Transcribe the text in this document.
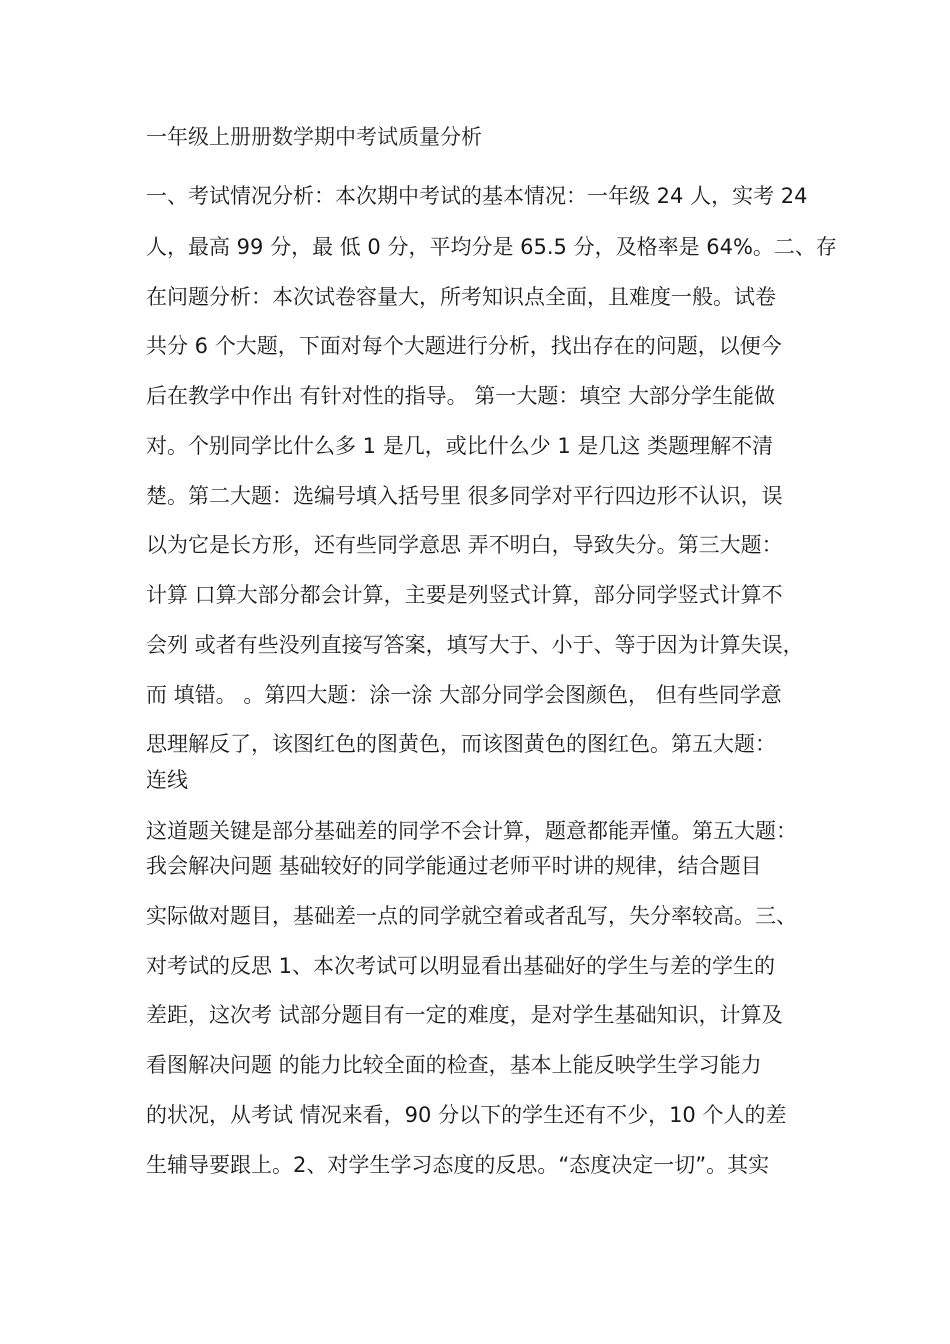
一年级上册册数学期中考试质量分析
一、考试情况分析：本次期中考试的基本情况：一年级 24 人，实考 24
人，最高 99 分，最 低 0 分，平均分是 65.5 分，及格率是 64%。二、存
在问题分析：本次试卷容量大，所考知识点全面，且难度一般。试卷
共分 6 个大题，下面对每个大题进行分析，找出存在的问题，以便今
后在教学中作出 有针对性的指导。 第一大题：填空 大部分学生能做
对。个别同学比什么多 1 是几，或比什么少 1 是几这 类题理解不清
楚。第二大题：选编号填入括号里 很多同学对平行四边形不认识，误
以为它是长方形，还有些同学意思 弄不明白，导致失分。第三大题：
计算 口算大部分都会计算，主要是列竖式计算，部分同学竖式计算不
会列 或者有些没列直接写答案，填写大于、小于、等于因为计算失误，
而 填错。 。第四大题：涂一涂 大部分同学会图颜色， 但有些同学意
思理解反了，该图红色的图黄色，而该图黄色的图红色。第五大题：
连线
这道题关键是部分基础差的同学不会计算，题意都能弄懂。第五大题：
我会解决问题 基础较好的同学能通过老师平时讲的规律，结合题目
实际做对题目，基础差一点的同学就空着或者乱写，失分率较高。三、
对考试的反思 1、本次考试可以明显看出基础好的学生与差的学生的
差距，这次考 试部分题目有一定的难度，是对学生基础知识，计算及
看图解决问题 的能力比较全面的检查，基本上能反映学生学习能力
的状况，从考试 情况来看，90 分以下的学生还有不少，10 个人的差
生辅导要跟上。2、对学生学习态度的反思。“态度决定一切”。其实
